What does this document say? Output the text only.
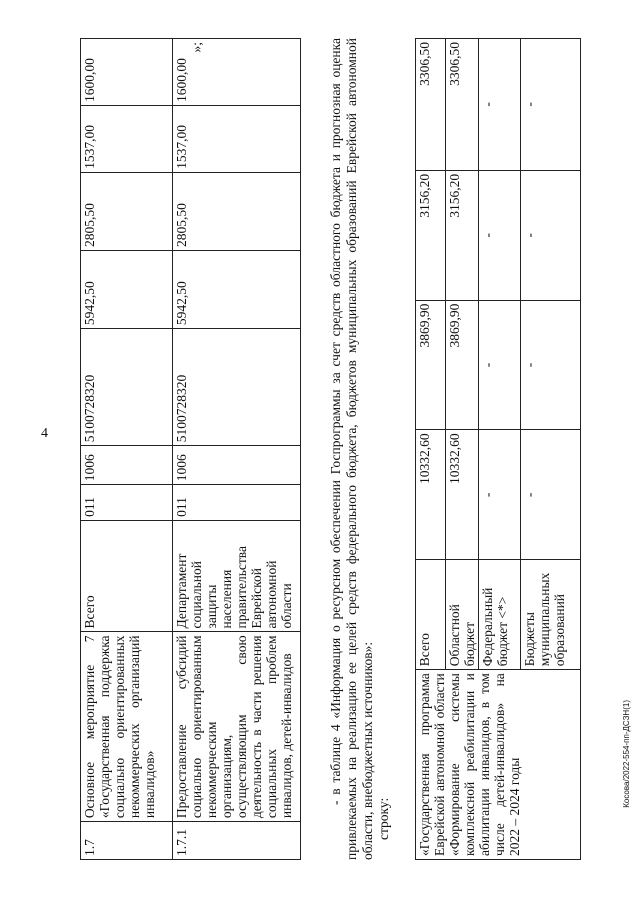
4
Косова/2022-554-пп-ДСЗН(1)
1.7	Основное мероприятие 7 «Государственная поддержка социально ориентированных некоммерческих организаций инвалидов»	Всего	011	1006	5100728320	5942,50	2805,50	1537,00	1600,00
1.7.1	Предоставление субсидий социально ориентированным некоммерческим организациям, осуществляющим свою деятельность в части решения социальных проблем инвалидов, детей-инвалидов	Департамент социальной защиты населения правительства Еврейской автономной области	011	1006	5100728320	5942,50	2805,50	1537,00	1600,00
»;	- в таблице 4 «Информация о ресурсном обеспечении Госпрограммы за счет средств областного бюджета и прогнозная оценка привлекаемых на реализацию ее целей средств федерального бюджета, бюджетов муниципальных образований Еврейской автономной области, внебюджетных источников»: строку: «Государственная программа Еврейской автономной области «Формирование системы комплексной реабилитации и абилитации инвалидов, в том числе детей-инвалидов» на 2022 – 2024 годы	Всего	10332,60	3869,90	3156,20	3306,50
	Областной бюджет	10332,60	3869,90	3156,20	3306,50
	Федеральный бюджет <*>	-	-	-	-
	Бюджеты муниципальных образований	-	-	-	-
